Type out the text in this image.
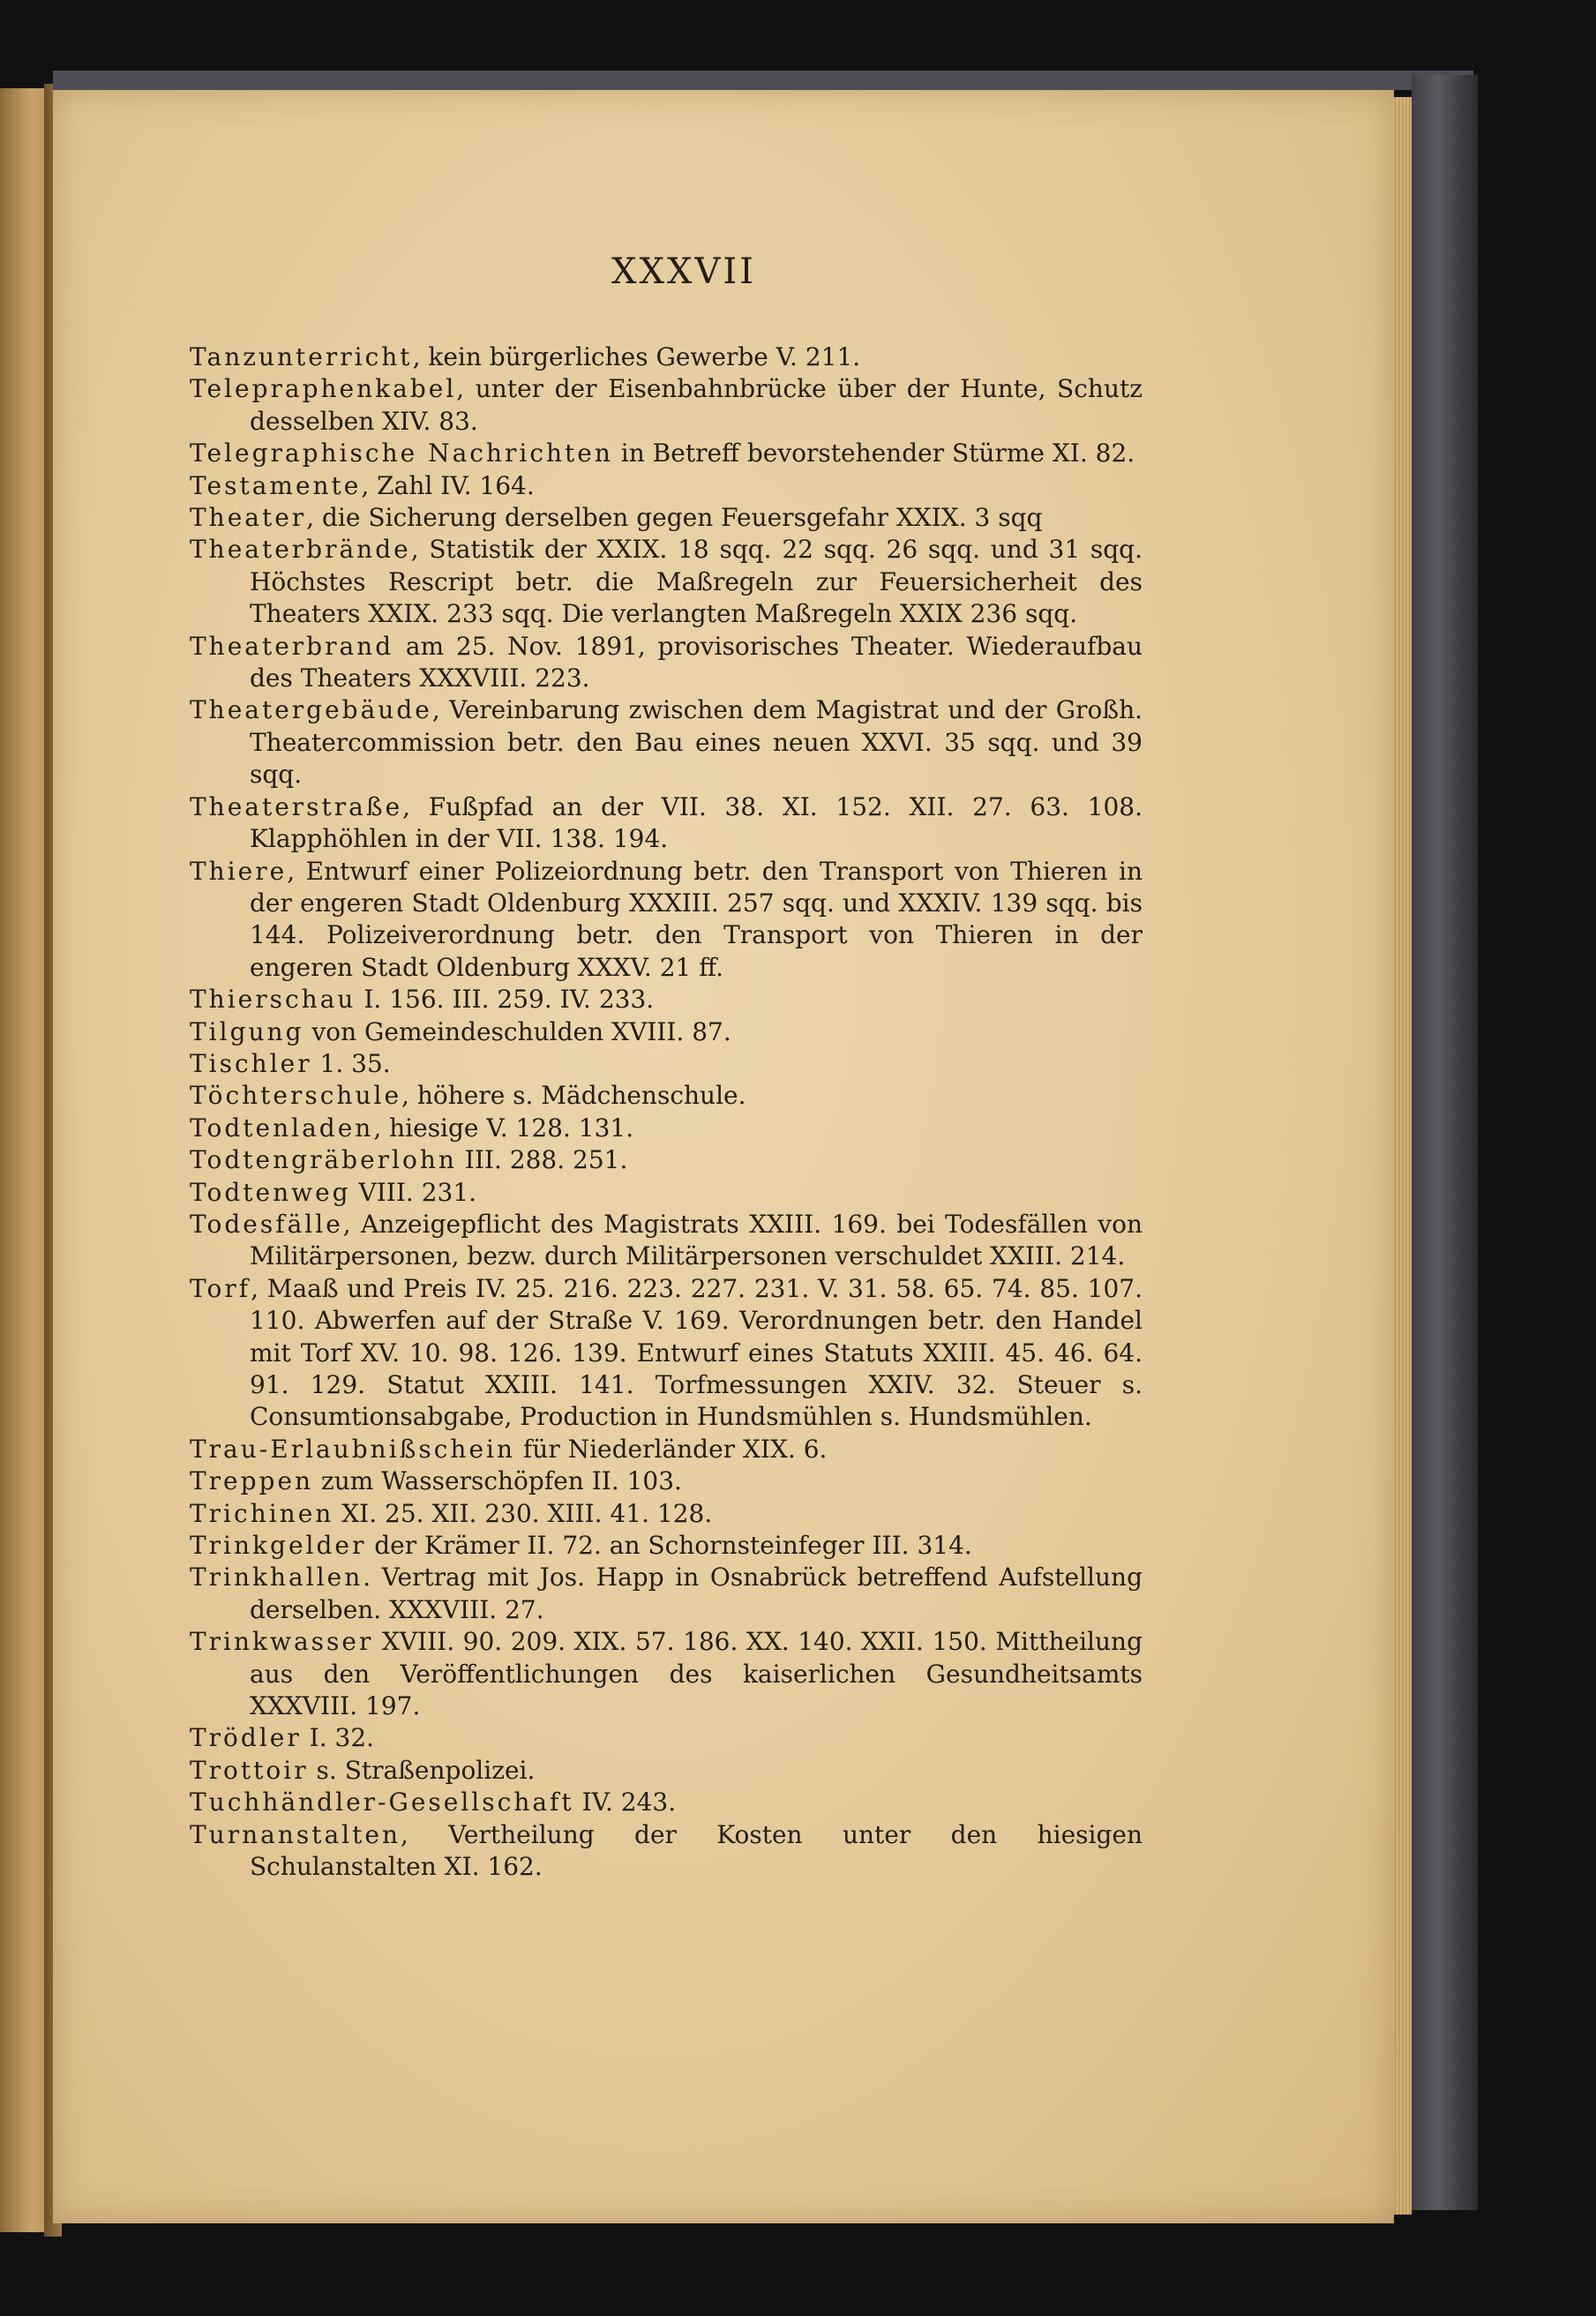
XXXVII
Tanzunterricht, kein bürgerliches Gewerbe V. 211.
Telepraphenkabel, unter der Eisenbahnbrücke über der Hunte, Schutz desselben XIV. 83.
Telegraphische Nachrichten in Betreff bevorstehender Stürme XI. 82.
Testamente, Zahl IV. 164.
Theater, die Sicherung derselben gegen Feuersgefahr XXIX. 3 sqq
Theaterbrände, Statistik der XXIX. 18 sqq. 22 sqq. 26 sqq. und 31 sqq. Höchstes Rescript betr. die Maßregeln zur Feuersicherheit des Theaters XXIX. 233 sqq. Die verlangten Maßregeln XXIX 236 sqq.
Theaterbrand am 25. Nov. 1891, provisorisches Theater. Wiederaufbau des Theaters XXXVIII. 223.
Theatergebäude, Vereinbarung zwischen dem Magistrat und der Großh. Theatercommission betr. den Bau eines neuen XXVI. 35 sqq. und 39 sqq.
Theaterstraße, Fußpfad an der VII. 38. XI. 152. XII. 27. 63. 108. Klapphöhlen in der VII. 138. 194.
Thiere, Entwurf einer Polizeiordnung betr. den Transport von Thieren in der engeren Stadt Oldenburg XXXIII. 257 sqq. und XXXIV. 139 sqq. bis 144. Polizeiverordnung betr. den Transport von Thieren in der engeren Stadt Oldenburg XXXV. 21 ff.
Thierschau I. 156. III. 259. IV. 233.
Tilgung von Gemeindeschulden XVIII. 87.
Tischler 1. 35.
Töchterschule, höhere s. Mädchenschule.
Todtenladen, hiesige V. 128. 131.
Todtengräberlohn III. 288. 251.
Todtenweg VIII. 231.
Todesfälle, Anzeigepflicht des Magistrats XXIII. 169. bei Todesfällen von Militärpersonen, bezw. durch Militärpersonen verschuldet XXIII. 214.
Torf, Maaß und Preis IV. 25. 216. 223. 227. 231. V. 31. 58. 65. 74. 85. 107. 110. Abwerfen auf der Straße V. 169. Verordnungen betr. den Handel mit Torf XV. 10. 98. 126. 139. Entwurf eines Statuts XXIII. 45. 46. 64. 91. 129. Statut XXIII. 141. Torfmessungen XXIV. 32. Steuer s. Consumtionsabgabe, Production in Hundsmühlen s. Hundsmühlen.
Trau-Erlaubnißschein für Niederländer XIX. 6.
Treppen zum Wasserschöpfen II. 103.
Trichinen XI. 25. XII. 230. XIII. 41. 128.
Trinkgelder der Krämer II. 72. an Schornsteinfeger III. 314.
Trinkhallen. Vertrag mit Jos. Happ in Osnabrück betreffend Aufstellung derselben. XXXVIII. 27.
Trinkwasser XVIII. 90. 209. XIX. 57. 186. XX. 140. XXII. 150. Mittheilung aus den Veröffentlichungen des kaiserlichen Gesundheitsamts XXXVIII. 197.
Trödler I. 32.
Trottoir s. Straßenpolizei.
Tuchhändler-Gesellschaft IV. 243.
Turnanstalten, Vertheilung der Kosten unter den hiesigen Schulanstalten XI. 162.
